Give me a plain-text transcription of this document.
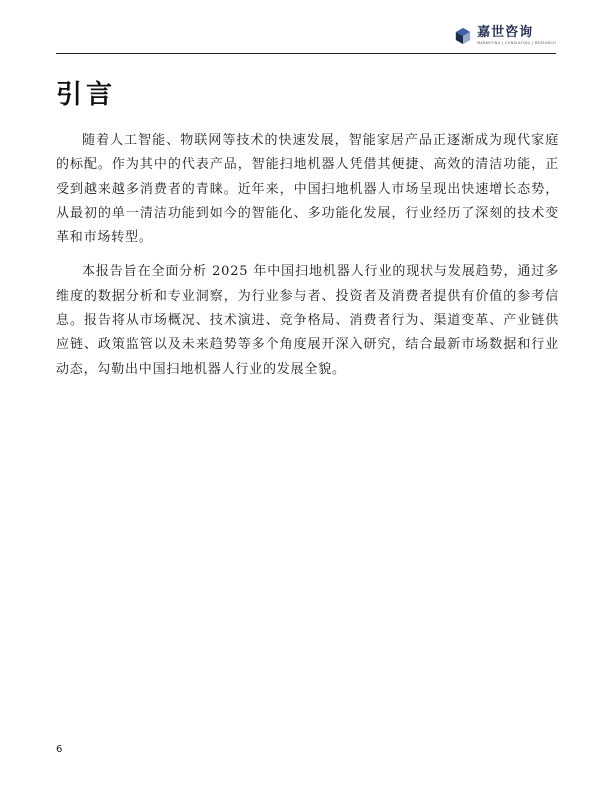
嘉世咨询
MARKETING | CONSULTING | RESEARCH
引言

随着人工智能、物联网等技术的快速发展，智能家居产品正逐渐成为现代家庭的标配。作为其中的代表产品，智能扫地机器人凭借其便捷、高效的清洁功能，正受到越来越多消费者的青睐。近年来，中国扫地机器人市场呈现出快速增长态势，从最初的单一清洁功能到如今的智能化、多功能化发展，行业经历了深刻的技术变革和市场转型。

本报告旨在全面分析 2025 年中国扫地机器人行业的现状与发展趋势，通过多维度的数据分析和专业洞察，为行业参与者、投资者及消费者提供有价值的参考信息。报告将从市场概况、技术演进、竞争格局、消费者行为、渠道变革、产业链供应链、政策监管以及未来趋势等多个角度展开深入研究，结合最新市场数据和行业动态，勾勒出中国扫地机器人行业的发展全貌。

6
